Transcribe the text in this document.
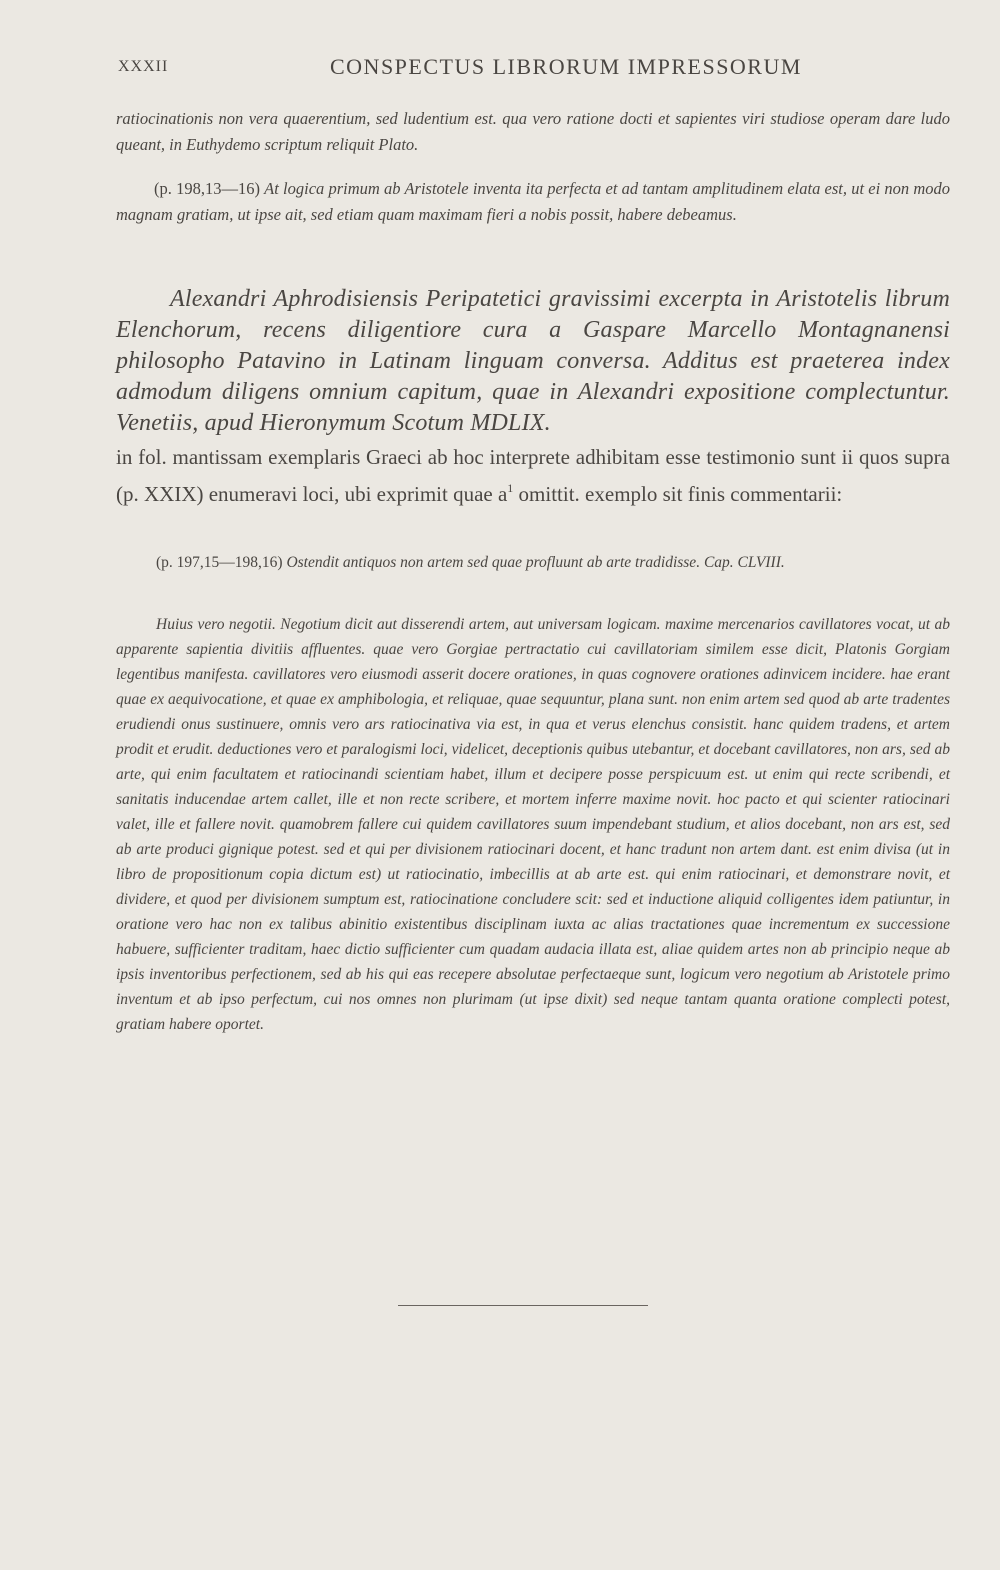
XXXII	CONSPECTUS LIBRORUM IMPRESSORUM

ratiocinationis non vera quaerentium, sed ludentium est. qua vero ratione docti et sapientes viri studiose operam dare ludo queant, in Euthydemo scriptum reliquit Plato.

(p. 198,13—16) At logica primum ab Aristotele inventa ita perfecta et ad tantam amplitudinem elata est, ut ei non modo magnam gratiam, ut ipse ait, sed etiam quam maximam fieri a nobis possit, habere debeamus.

Alexandri Aphrodisiensis Peripatetici gravissimi excerpta in Aristotelis librum Elenchorum, recens diligentiore cura a Gaspare Marcello Montagnanensi philosopho Patavino in Latinam linguam conversa. Additus est praeterea index admodum diligens omnium capitum, quae in Alexandri expositione complectuntur. Venetiis, apud Hieronymum Scotum MDLIX.

in fol. mantissam exemplaris Graeci ab hoc interprete adhibitam esse testimonio sunt ii quos supra (p. XXIX) enumeravi loci, ubi exprimit quae $a^1$ omittit. exemplo sit finis commentarii:

(p. 197,15—198,16) Ostendit antiquos non artem sed quae profluunt ab arte tradidisse. Cap. CLVIII.

Huius vero negotii. Negotium dicit aut disserendi artem, aut universam logicam. maxime mercenarios cavillatores vocat, ut ab apparente sapientia divitiis affluentes. quae vero Gorgiae pertractatio cui cavillatoriam similem esse dicit, Platonis Gorgiam legentibus manifesta. cavillatores vero eiusmodi asserit docere orationes, in quas cognovere orationes adinvicem incidere. hae erant quae ex aequivocatione, et quae ex amphibologia, et reliquae, quae sequuntur, plana sunt. non enim artem sed quod ab arte tradentes erudiendi onus sustinuere, omnis vero ars ratiocinativa via est, in qua et verus elenchus consistit. hanc quidem tradens, et artem prodit et erudit. deductiones vero et paralogismi loci, videlicet, deceptionis quibus utebantur, et docebant cavillatores, non ars, sed ab arte, qui enim facultatem et ratiocinandi scientiam habet, illum et decipere posse perspicuum est. ut enim qui recte scribendi, et sanitatis inducendae artem callet, ille et non recte scribere, et mortem inferre maxime novit. hoc pacto et qui scienter ratiocinari valet, ille et fallere novit. quamobrem fallere cui quidem cavillatores suum impendebant studium, et alios docebant, non ars est, sed ab arte produci gignique potest. sed et qui per divisionem ratiocinari docent, et hanc tradunt non artem dant. est enim divisa (ut in libro de propositionum copia dictum est) ut ratiocinatio, imbecillis at ab arte est. qui enim ratiocinari, et demonstrare novit, et dividere, et quod per divisionem sumptum est, ratiocinatione concludere scit: sed et inductione aliquid colligentes idem patiuntur, in oratione vero hac non ex talibus abinitio existentibus disciplinam iuxta ac alias tractationes quae incrementum ex successione habuere, sufficienter traditam, haec dictio sufficienter cum quadam audacia illata est, aliae quidem artes non ab principio neque ab ipsis inventoribus perfectionem, sed ab his qui eas recepere absolutae perfectaeque sunt, logicum vero negotium ab Aristotele primo inventum et ab ipso perfectum, cui nos omnes non plurimam (ut ipse dixit) sed neque tantam quanta oratione complecti potest, gratiam habere oportet.
